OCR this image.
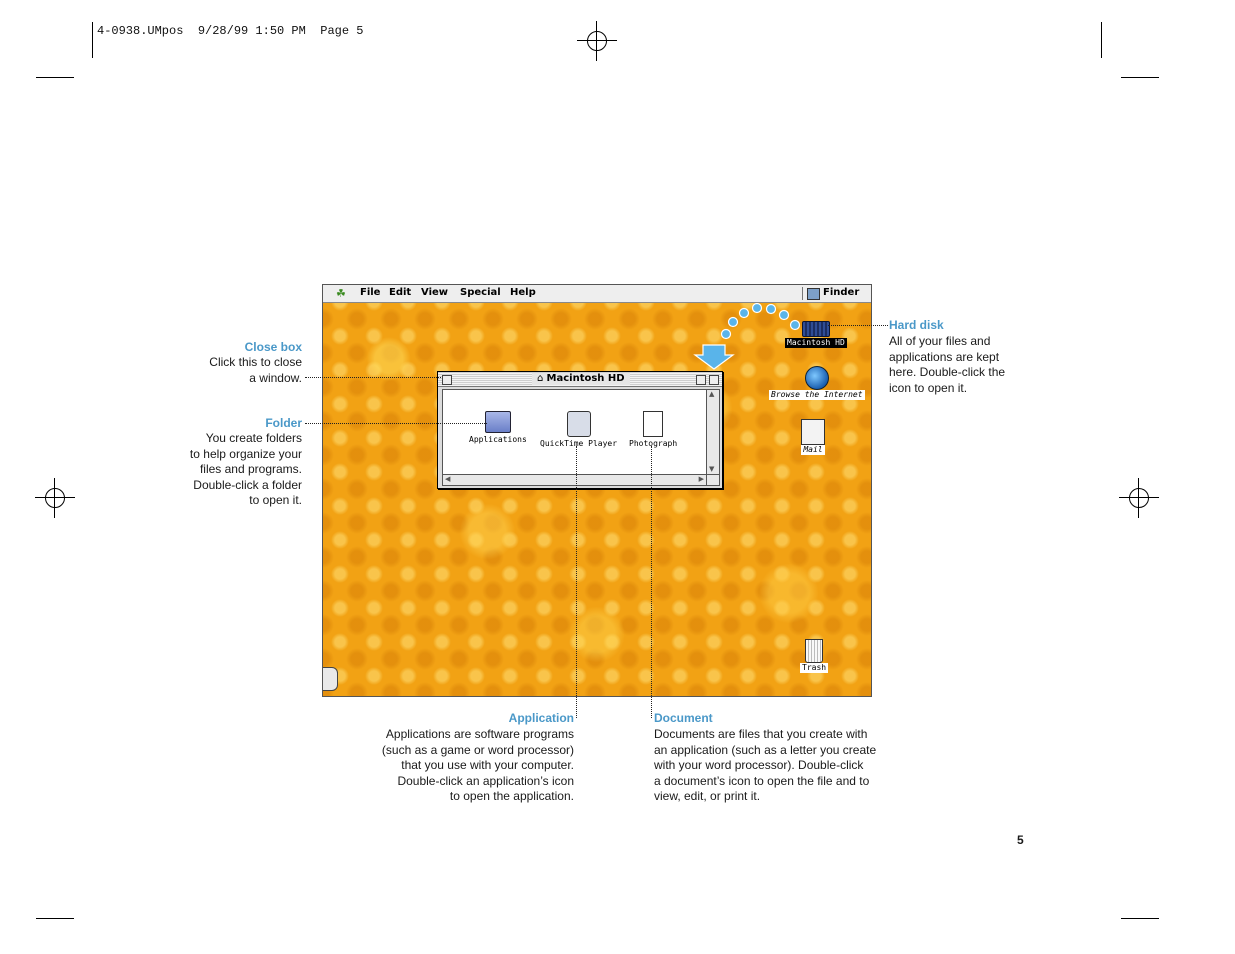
4-0938.UMpos  9/28/99 1:50 PM  Page 5
☘ File Edit View Special Help	Finder
Macintosh HD
Browse the Internet
Mail
Trash
⌂ Macintosh HD
Applications QuickTime Player Photograph
▲
▼
◀	▶
Close box
Click this to close
a window.
Folder
You create folders
to help organize your
files and programs.
Double-click a folder
to open it.
Hard disk
All of your files and
applications are kept
here. Double-click the
icon to open it.
Application
Applications are software programs
(such as a game or word processor)
that you use with your computer.
Double-click an application’s icon
to open the application.
Document
Documents are files that you create with
an application (such as a letter you create
with your word processor). Double-click
a document’s icon to open the file and to
view, edit, or print it.
5
